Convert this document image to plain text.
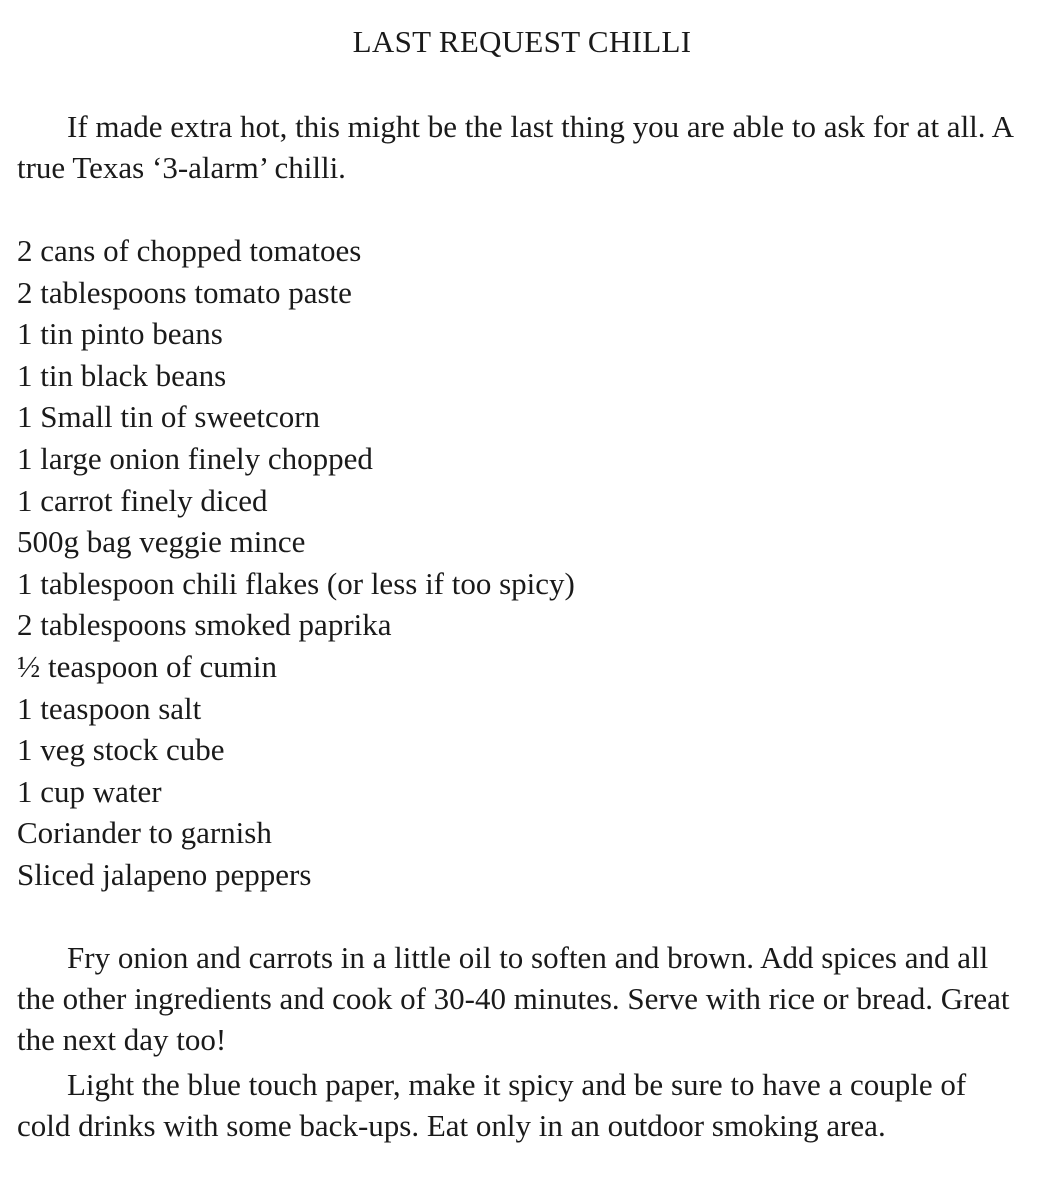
LAST REQUEST CHILLI
If made extra hot, this might be the last thing you are able to ask for at all. A true Texas ‘3-alarm’ chilli.
2 cans of chopped tomatoes
2 tablespoons tomato paste
1 tin pinto beans
1 tin black beans
1 Small tin of sweetcorn
1 large onion finely chopped
1 carrot finely diced
500g bag veggie mince
1 tablespoon chili flakes (or less if too spicy)
2 tablespoons smoked paprika
½ teaspoon of cumin
1 teaspoon salt
1 veg stock cube
1 cup water
Coriander to garnish
Sliced jalapeno peppers
Fry onion and carrots in a little oil to soften and brown. Add spices and all the other ingredients and cook of 30-40 minutes. Serve with rice or bread. Great the next day too!
Light the blue touch paper, make it spicy and be sure to have a couple of cold drinks with some back-ups. Eat only in an outdoor smoking area.
